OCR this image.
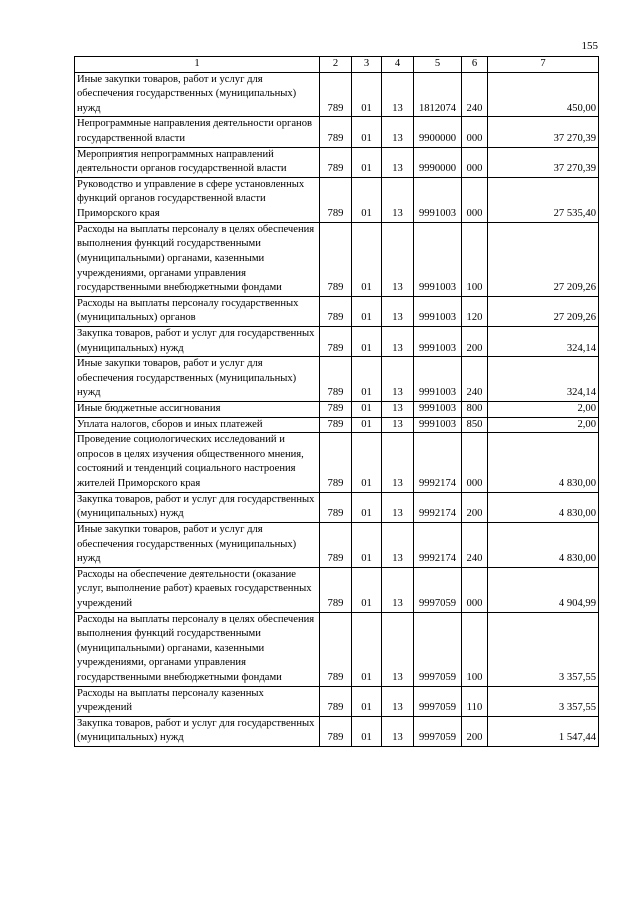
155
1	2	3	4	5	6	7
Иные закупки товаров, работ и услуг для обеспечения государственных (муниципальных) нужд	789	01	13	1812074	240	450,00
Непрограммные направления деятельности органов государственной власти	789	01	13	9900000	000	37 270,39
Мероприятия непрограммных направлений деятельности органов государственной власти	789	01	13	9990000	000	37 270,39
Руководство и управление в сфере установленных функций органов государственной власти Приморского края	789	01	13	9991003	000	27 535,40
Расходы на выплаты персоналу в целях обеспечения выполнения функций государственными (муниципальными) органами, казенными учреждениями, органами управления государственными внебюджетными фондами	789	01	13	9991003	100	27 209,26
Расходы на выплаты персоналу государственных (муниципальных) органов	789	01	13	9991003	120	27 209,26
Закупка товаров, работ и услуг для государственных (муниципальных) нужд	789	01	13	9991003	200	324,14
Иные закупки товаров, работ и услуг для обеспечения государственных (муниципальных) нужд	789	01	13	9991003	240	324,14
Иные бюджетные ассигнования	789	01	13	9991003	800	2,00
Уплата налогов, сборов и иных платежей	789	01	13	9991003	850	2,00
Проведение социологических исследований и опросов в целях изучения общественного мнения, состояний и тенденций социального настроения жителей Приморского края	789	01	13	9992174	000	4 830,00
Закупка товаров, работ и услуг для государственных (муниципальных) нужд	789	01	13	9992174	200	4 830,00
Иные закупки товаров, работ и услуг для обеспечения государственных (муниципальных) нужд	789	01	13	9992174	240	4 830,00
Расходы на обеспечение деятельности (оказание услуг, выполнение работ) краевых государственных учреждений	789	01	13	9997059	000	4 904,99
Расходы на выплаты персоналу в целях обеспечения выполнения функций государственными (муниципальными) органами, казенными учреждениями, органами управления государственными внебюджетными фондами	789	01	13	9997059	100	3 357,55
Расходы на выплаты персоналу казенных учреждений	789	01	13	9997059	110	3 357,55
Закупка товаров, работ и услуг для государственных (муниципальных) нужд	789	01	13	9997059	200	1 547,44
